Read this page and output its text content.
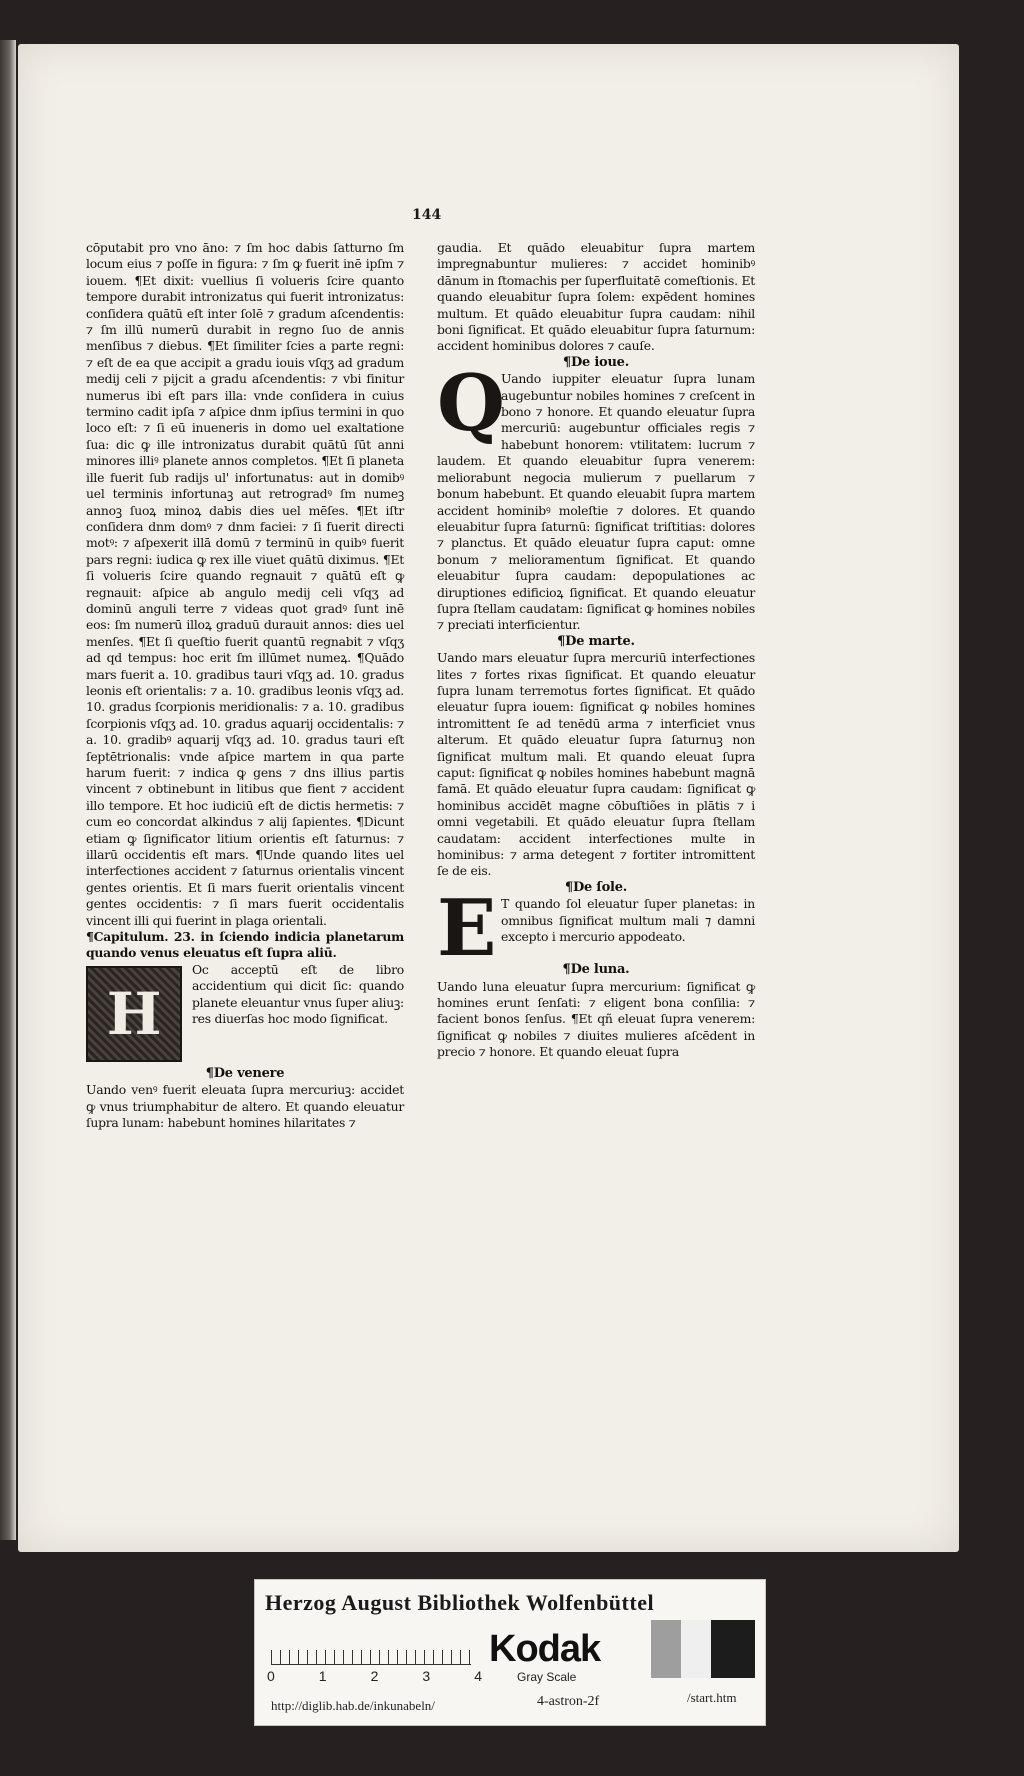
144

cōputabit pro vno āno: ⁊ ſm hoc dabis ſatturno ſm locum eius ⁊ poſſe in figura: ⁊ ſm ꝙ fuerit inē ipſm ⁊ iouem. ¶Et dixit: vuellius ſi volueris ſcire quanto tempore durabit intronizatus qui fuerit intronizatus: conſidera quātū eſt inter ſolē ⁊ gradum aſcendentis: ⁊ ſm illū numerū durabit in regno ſuo de annis menſibus ⁊ diebus. ¶Et ſimiliter ſcies a parte regni: ⁊ eſt de ea que accipit a gradu iouis vſqʒ ad gradum medij celi ⁊ pijcit a gradu aſcendentis: ⁊ vbi finitur numerus ibi eſt pars illa: vnde conſidera in cuius termino cadit ipſa ⁊ aſpice dnm ipſius termini in quo loco eſt: ⁊ ſi eū inueneris in domo uel exaltatione ſua: dic ꝙ ille intronizatus durabit quātū ſūt anni minores illiꝰ planete annos completos. ¶Et ſi planeta ille fuerit ſub radijs ul' infortunatus: aut in domibꝰ uel terminis infortunaꝫ aut retrogradꝰ ſm numeꝫ annoꝫ ſuoꝝ minoꝝ dabis dies uel mēſes. ¶Et iſtr conſidera dnm domꝰ ⁊ dnm faciei: ⁊ ſi fuerit directi motꝰ: ⁊ aſpexerit illā domū ⁊ terminū in quibꝰ fuerit pars regni: iudica ꝙ rex ille viuet quātū diximus. ¶Et ſi volueris ſcire quando regnauit ⁊ quātū eſt ꝙ regnauit: aſpice ab angulo medij celi vſqʒ ad dominū anguli terre ⁊ videas quot gradꝰ ſunt inē eos: ſm numerū illoꝝ graduū durauit annos: dies uel menſes. ¶Et ſi queſtio fuerit quantū regnabit ⁊ vſqʒ ad qd tempus: hoc erit ſm illūmet numeꝝ. ¶Quādo mars fuerit a. 10. gradibus tauri vſqʒ ad. 10. gradus leonis eſt orientalis: ⁊ a. 10. gradibus leonis vſqʒ ad. 10. gradus ſcorpionis meridionalis: ⁊ a. 10. gradibus ſcorpionis vſqʒ ad. 10. gradus aquarij occidentalis: ⁊ a. 10. gradibꝰ aquarij vſqʒ ad. 10. gradus tauri eſt ſeptētrionalis: vnde aſpice martem in qua parte harum fuerit: ⁊ indica ꝙ gens ⁊ dns illius partis vincent ⁊ obtinebunt in litibus que fient ⁊ accident illo tempore. Et hoc iudiciū eſt de dictis hermetis: ⁊ cum eo concordat alkindus ⁊ alij ſapientes. ¶Dicunt etiam ꝙ ſignificator litium orientis eſt ſaturnus: ⁊ illarū occidentis eſt mars. ¶Unde quando lites uel interfectiones accident ⁊ ſaturnus orientalis vincent gentes orientis. Et ſi mars fuerit orientalis vincent gentes occidentis: ⁊ ſi mars fuerit occidentalis vincent illi qui fuerint in plaga orientali.

¶Capitulum. 23. in ſciendo indicia planetarum quando venus eleuatus eſt ſupra aliū.

H

Oc acceptū eſt de libro accidentium qui dicit ſic: quando planete eleuantur vnus ſuper aliuꝫ: res diuerſas hoc modo ſignificat.

¶De venere

Uando venꝰ fuerit eleuata ſupra mercuriuꝫ: accidet ꝙ vnus triumphabitur de altero. Et quando eleuatur ſupra lunam: habebunt homines hilaritates ⁊

gaudia. Et quādo eleuabitur ſupra martem impregnabuntur mulieres: ⁊ accidet hominibꝰ dānum in ſtomachis per ſuperfluitatē comeſtionis. Et quando eleuabitur ſupra ſolem: expēdent homines multum. Et quādo eleuabitur ſupra caudam: nihil boni ſignificat. Et quādo eleuabitur ſupra ſaturnum: accident hominibus dolores ⁊ cauſe.

¶De ioue.

Q

Uando iuppiter eleuatur ſupra lunam augebuntur nobiles homines ⁊ creſcent in bono ⁊ honore. Et quando eleuatur ſupra mercuriū: augebuntur officiales regis ⁊ habebunt honorem: vtilitatem: lucrum ⁊ laudem. Et quando eleuabitur ſupra venerem: meliorabunt negocia mulierum ⁊ puellarum ⁊ bonum habebunt. Et quando eleuabit ſupra martem accident hominibꝰ moleſtie ⁊ dolores. Et quando eleuabitur ſupra ſaturnū: ſignificat triſtitias: dolores ⁊ planctus. Et quādo eleuatur ſupra caput: omne bonum ⁊ melioramentum ſignificat. Et quando eleuabitur ſupra caudam: depopulationes ac diruptiones edificioꝝ ſignificat. Et quando eleuatur ſupra ſtellam caudatam: ſignificat ꝙ homines nobiles ⁊ preciati interficientur.

¶De marte.

Uando mars eleuatur ſupra mercuriū interfectiones lites ⁊ fortes rixas ſignificat. Et quando eleuatur ſupra lunam terremotus fortes ſignificat. Et quādo eleuatur ſupra iouem: ſignificat ꝙ nobiles homines intromittent ſe ad tenēdū arma ⁊ interficiet vnus alterum. Et quādo eleuatur ſupra ſaturnuꝫ non ſignificat multum mali. Et quando eleuat ſupra caput: ſignificat ꝙ nobiles homines habebunt magnā famā. Et quādo eleuatur ſupra caudam: ſignificat ꝙ hominibus accidēt magne cōbuſtiões in plātis ⁊ i omni vegetabili. Et quādo eleuatur ſupra ſtellam caudatam: accident interfectiones multe in hominibus: ⁊ arma detegent ⁊ fortiter intromittent ſe de eis.

¶De ſole.

E T quando ſol eleuatur ſuper planetas: in omnibus ſignificat multum mali ⁊ damni excepto i mercurio appodeato.

¶De luna.

Uando luna eleuatur ſupra mercurium: ſignificat ꝙ homines erunt ſenſati: ⁊ eligent bona conſilia: ⁊ facient bonos ſenſus. ¶Et qñ eleuat ſupra venerem: ſignificat ꝙ nobiles ⁊ diuites mulieres aſcēdent in precio ⁊ honore. Et quando eleuat ſupra

Herzog August Bibliothek Wolfenbüttel
0	1	2	3	4
Kodak
Gray Scale
http://diglib.hab.de/inkunabeln/	4-astron-2f	/start.htm
